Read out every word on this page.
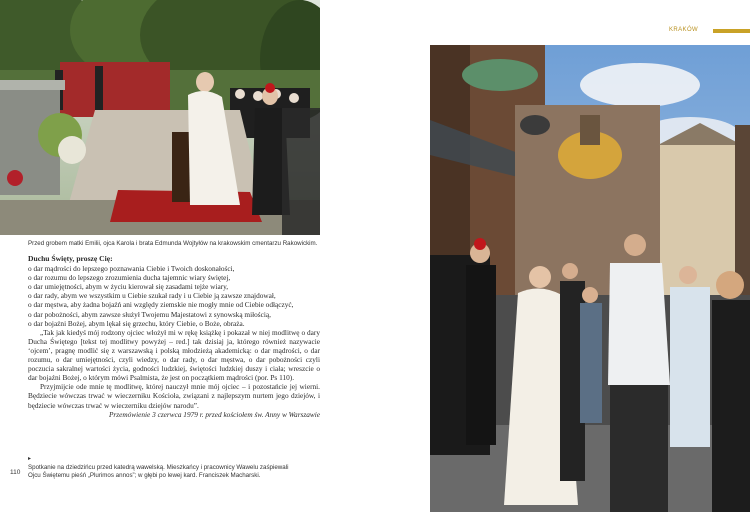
Przed grobem matki Emilii, ojca Karola i brata Edmunda Wojtyłów na krakowskim cmentarzu Rakowickim.
Duchu Święty, proszę Cię:
o dar mądrości do lepszego poznawania Ciebie i Twoich doskonałości,
o dar rozumu do lepszego zrozumienia ducha tajemnic wiary świętej,
o dar umiejętności, abym w życiu kierował się zasadami tejże wiary,
o dar rady, abym we wszystkim u Ciebie szukał rady i u Ciebie ją zawsze znajdował,
o dar męstwa, aby żadna bojaźń ani względy ziemskie nie mogły mnie od Ciebie odłączyć,
o dar pobożności, abym zawsze służył Twojemu Majestatowi z synowską miłością,
o dar bojaźni Bożej, abym lękał się grzechu, który Ciebie, o Boże, obraża.
„Tak jak kiedyś mój rodzony ojciec włożył mi w rękę książkę i pokazał w niej modlitwę o dary Ducha Świętego [tekst tej modlitwy powyżej – red.] tak dzisiaj ja, którego również nazywacie ‘ojcem’, pragnę modlić się z warszawską i polską młodzieżą akademicką: o dar mądrości, o dar rozumu, o dar umiejętności, czyli wiedzy, o dar rady, o dar męstwa, o dar pobożności czyli poczucia sakralnej wartości życia, godności ludzkiej, świętości ludzkiej duszy i ciała; wreszcie o dar bojaźni Bożej, o którym mówi Psalmista, że jest on początkiem mądrości (por. Ps 110).
Przyjmijcie ode mnie tę modlitwę, której nauczył mnie mój ojciec – i pozostańcie jej wierni. Będziecie wówczas trwać w wieczerniku Kościoła, związani z najlepszym nurtem jego dziejów, i będziecie wówczas trwać w wieczerniku dziejów narodu”.
Przemówienie 3 czerwca 1979 r. przed kościołem św. Anny w Warszawie
▸
Spotkanie na dziedzińcu przed katedrą wawelską. Mieszkańcy i pracownicy Wawelu zaśpiewali Ojcu Świętemu pieśń „Plurimos annos”; w głębi po lewej kard. Franciszek Macharski.
110
KRAKÓW
